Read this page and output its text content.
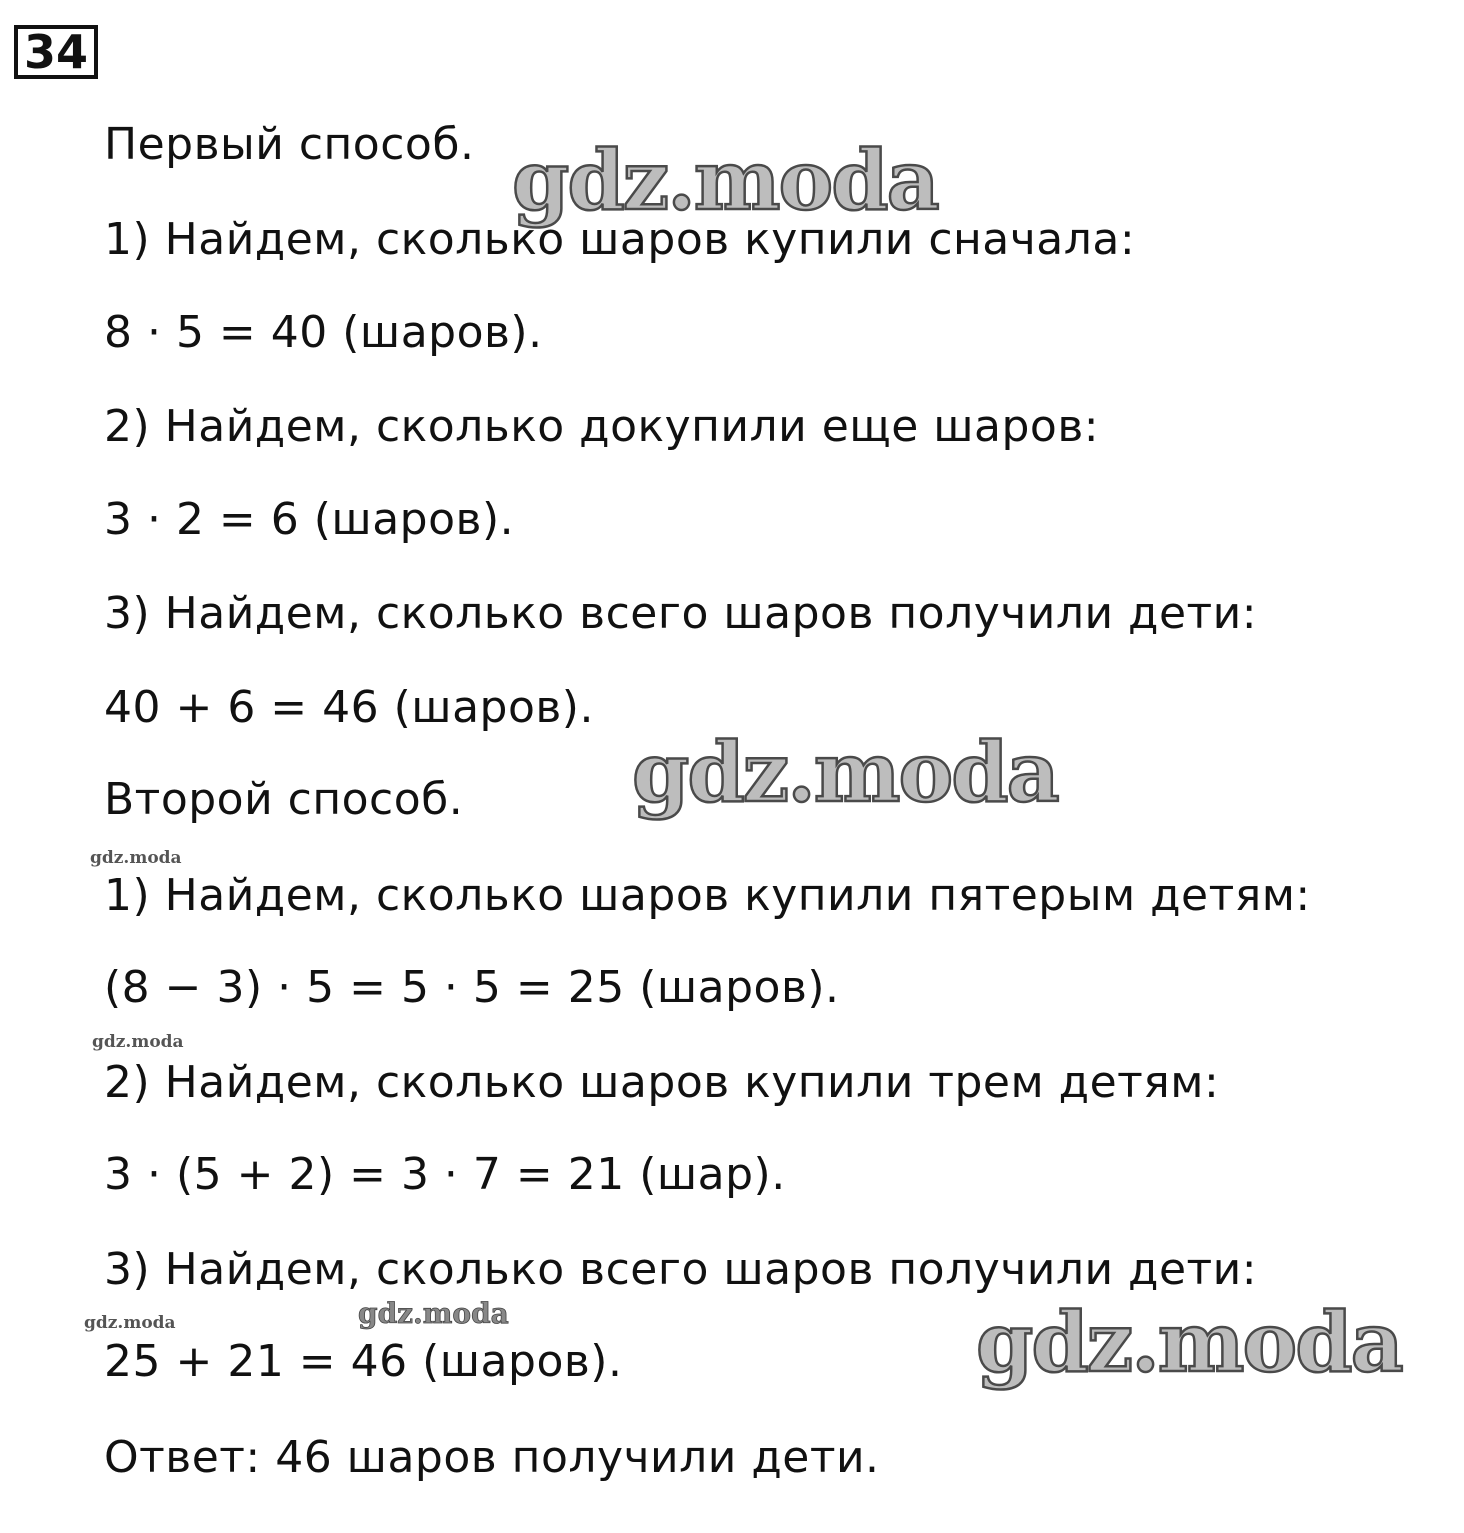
34
Первый способ.
1) Найдем, сколько шаров купили сначала:
8 · 5 = 40 (шаров).
2) Найдем, сколько докупили еще шаров:
3 · 2 = 6 (шаров).
3) Найдем, сколько всего шаров получили дети:
40 + 6 = 46 (шаров).
Второй способ.
1) Найдем, сколько шаров купили пятерым детям:
(8 − 3) · 5 = 5 · 5 = 25 (шаров).
2) Найдем, сколько шаров купили трем детям:
3 · (5 + 2) = 3 · 7 = 21 (шар).
3) Найдем, сколько всего шаров получили дети:
25 + 21 = 46 (шаров).
Ответ: 46 шаров получили дети.
gdz.moda
gdz.moda
gdz.moda
gdz.moda
gdz.moda
gdz.moda	gdz.moda
